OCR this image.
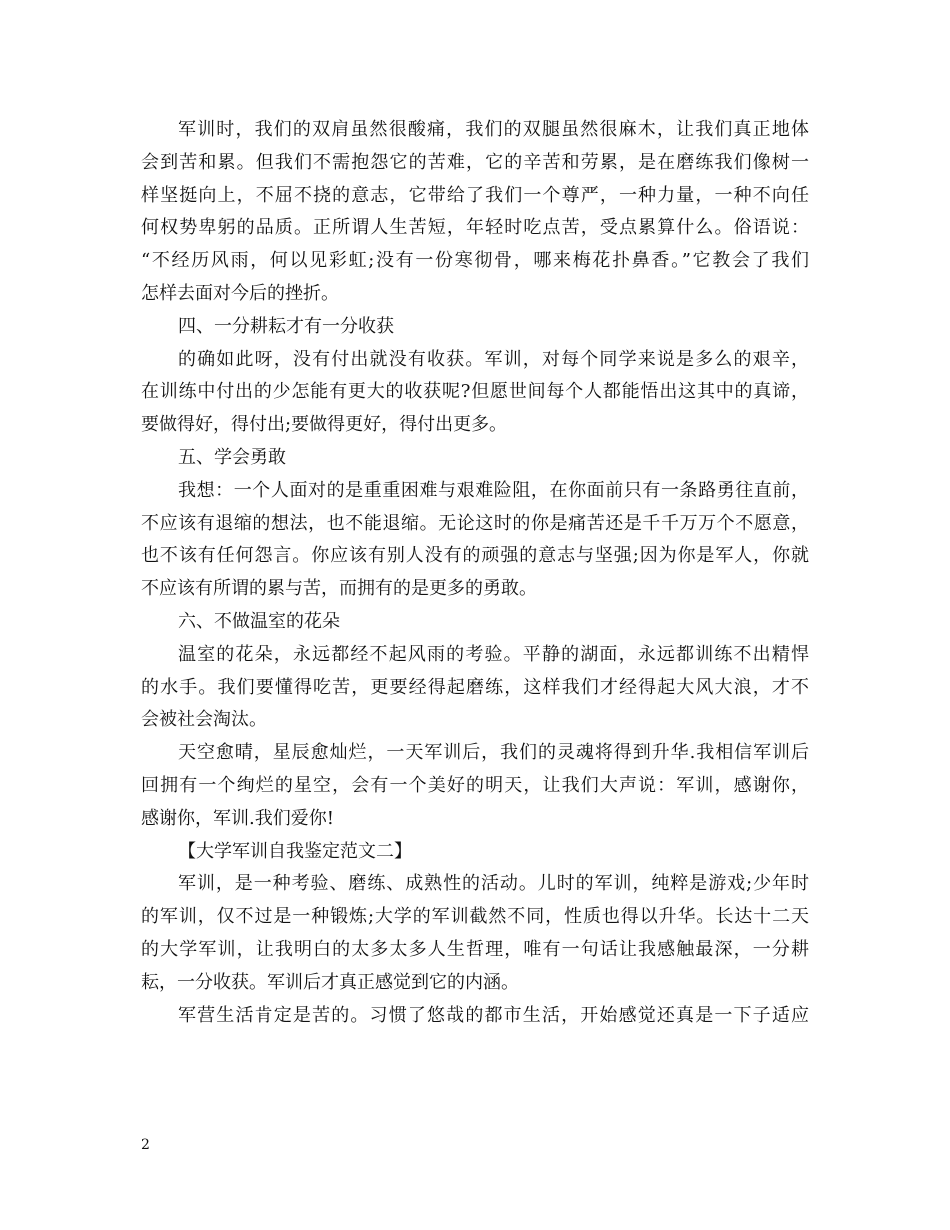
军训时，我们的双肩虽然很酸痛，我们的双腿虽然很麻木，让我们真正地体
会到苦和累。但我们不需抱怨它的苦难，它的辛苦和劳累，是在磨练我们像树一
样坚挺向上，不屈不挠的意志，它带给了我们一个尊严，一种力量，一种不向任
何权势卑躬的品质。正所谓人生苦短，年轻时吃点苦，受点累算什么。俗语说：
“不经历风雨，何以见彩虹;没有一份寒彻骨，哪来梅花扑鼻香。”它教会了我们
怎样去面对今后的挫折。
四、一分耕耘才有一分收获
的确如此呀，没有付出就没有收获。军训，对每个同学来说是多么的艰辛，
在训练中付出的少怎能有更大的收获呢?但愿世间每个人都能悟出这其中的真谛，
要做得好，得付出;要做得更好，得付出更多。
五、学会勇敢
我想：一个人面对的是重重困难与艰难险阻，在你面前只有一条路勇往直前，
不应该有退缩的想法，也不能退缩。无论这时的你是痛苦还是千千万万个不愿意，
也不该有任何怨言。你应该有别人没有的顽强的意志与坚强;因为你是军人，你就
不应该有所谓的累与苦，而拥有的是更多的勇敢。
六、不做温室的花朵
温室的花朵，永远都经不起风雨的考验。平静的湖面，永远都训练不出精悍
的水手。我们要懂得吃苦，更要经得起磨练，这样我们才经得起大风大浪，才不
会被社会淘汰。
天空愈晴，星辰愈灿烂，一天军训后，我们的灵魂将得到升华.我相信军训后
回拥有一个绚烂的星空，会有一个美好的明天，让我们大声说：军训，感谢你，
感谢你，军训.我们爱你!
【大学军训自我鉴定范文二】
军训，是一种考验、磨练、成熟性的活动。儿时的军训，纯粹是游戏;少年时
的军训，仅不过是一种锻炼;大学的军训截然不同，性质也得以升华。长达十二天
的大学军训，让我明白的太多太多人生哲理，唯有一句话让我感触最深，一分耕
耘，一分收获。军训后才真正感觉到它的内涵。
军营生活肯定是苦的。习惯了悠哉的都市生活，开始感觉还真是一下子适应
2
